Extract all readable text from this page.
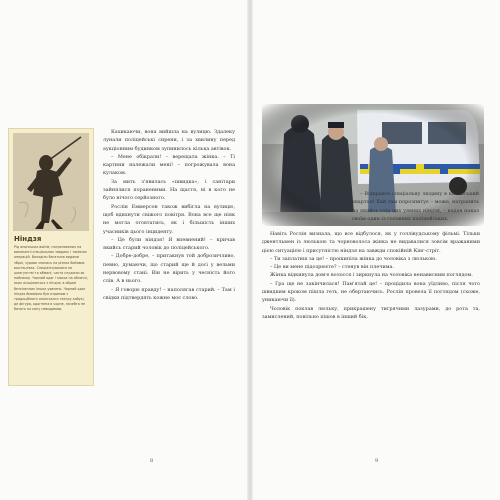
Ніндзя

Рід японських воїнів, натренованих на виконанні спеціальних завдань і таємних операцій. Володіли багатьма видами зброї, чудово знались на різних бойових мистецтвах. Спеціалізувалися на шпигунстві та обмані, часто служили як найманці. Чорний одяг і маска на обличчі, яких асоціюються з ніндзя, в образі безкінечних інших уявлень. Чорний одяг ніндзя ймовірно був отримом з традиційного японського театру кабукі, де фігура, одягнена в чорне, начебто не бачать на кону невидимою.

Кахикаючи, вона вийшла на вулицю. Здалеку лунали поліцейські сирени, і за хвилину перед аукціонним будинком зупинилось кілька автівок.

– Мене обікрали! – верещала жінка. – Ті картини належали мені! – погрожувала вона кулаком.

За мить з'явилась «швидка», і санітари зайнялися пораненими. На щастя, ні в кого не було нічого серйозного.

Рослін Еммерсон також вибігла на вулицю, щоб вдихнути свіжого повітря. Вона все ще ніяк не могла оговтатись, як і більшість інших учасників цього інциденту.

– Це були ніндзя! Я впевнений! – кричав якийсь старий чоловік до поліцейського.

– Добре-добре, – притакнув той доброзичливо, певно, думаючи, що старий ще й досі у вельми нервовому стані. Він не вірить у чесність його слів. А в нього.

– Я говорю правду! – наполягав старий. – Там і свідки підтвердять кожне моє слово.

– Відправте спеціальну людину в китайський квартал! Хай там порозпитує – може, натрапить на якийсь слід цих уявних ніндзя, – надав наказ своїм один із головних поліцейських.

Навіть Рослін визнала, що все відбулося, як у голлівудському фільмі. Тільки джентльмен із люлькою та чорноволоса жінка не видавалися зовсім вражаними цією ситуацією і присутністю ніндзя на завжди спокійній Кінг-стріт.

– Ти заплатиш за це! – прошипіла жінка до чоловіка з люлькою.

– Це ви мене підозрюєте? – стенув він плечима.

Жінка відкинула довге волосся і зиркнула на чоловіка ненависним поглядом.

– Гра ще не закінчилася! Пам'ятай це! – процідила вона уїдливо, після чого швидким кроком пішла геть, не обертаючись. Рослін провела її поглядом (схоже, уникаючи її).

Чоловік поклав люльку, прикрашену тигрячими лазурами, до рота та, замислений, повільно пішов в інший бік.

8	9
